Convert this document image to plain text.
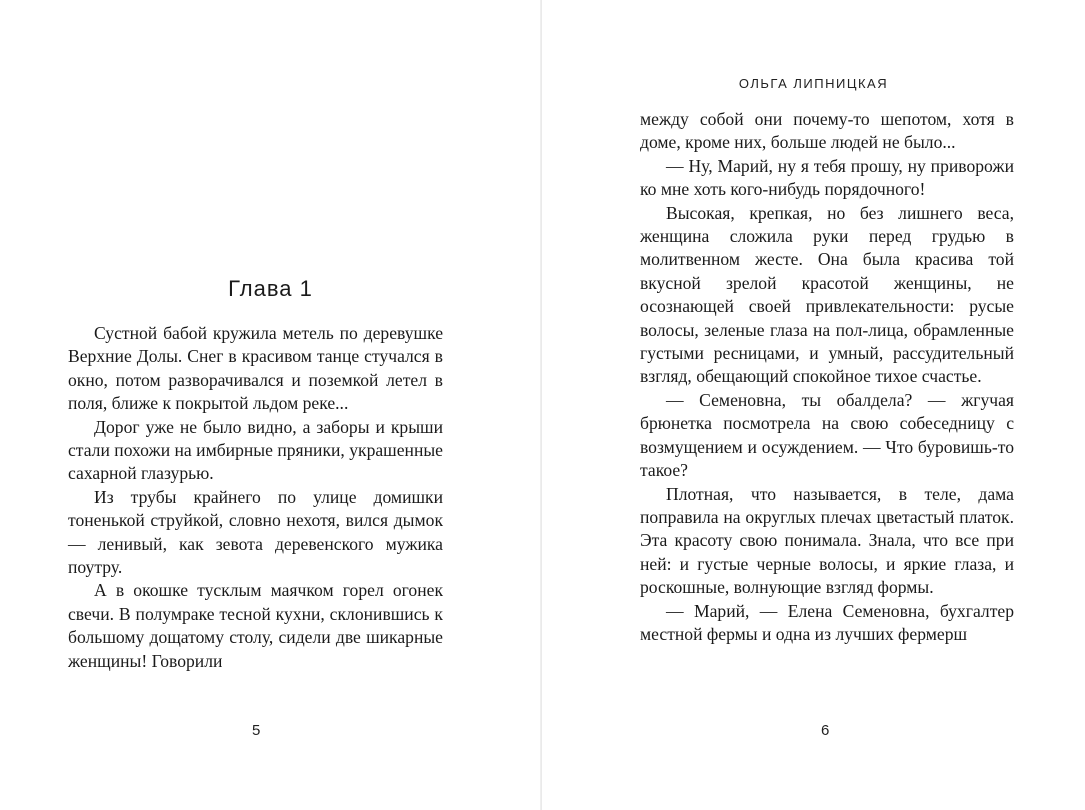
Глава 1

Сустной бабой кружила метель по деревушке Верхние Долы. Снег в красивом танце стучался в окно, потом разворачивался и поземкой летел в поля, ближе к покрытой льдом реке...

Дорог уже не было видно, а заборы и крыши стали похожи на имбирные пряники, украшенные сахарной глазурью.

Из трубы крайнего по улице домишки тоненькой струйкой, словно нехотя, вился дымок — ленивый, как зевота деревенского мужика поутру.

А в окошке тусклым маячком горел огонек свечи. В полумраке тесной кухни, склонившись к большому дощатому столу, сидели две шикарные женщины! Говорили

5
ОЛЬГА ЛИПНИЦКАЯ

между собой они почему-то шепотом, хотя в доме, кроме них, больше людей не было...

— Ну, Марий, ну я тебя прошу, ну приворожи ко мне хоть кого-нибудь порядочного!

Высокая, крепкая, но без лишнего веса, женщина сложила руки перед грудью в молитвенном жесте. Она была красива той вкусной зрелой красотой женщины, не осознающей своей привлекательности: русые волосы, зеленые глаза на пол-лица, обрамленные густыми ресницами, и умный, рассудительный взгляд, обещающий спокойное тихое счастье.

— Семеновна, ты обалдела? — жгучая брюнетка посмотрела на свою собеседницу с возмущением и осуждением. — Что буровишь-то такое?

Плотная, что называется, в теле, дама поправила на округлых плечах цветастый платок. Эта красоту свою понимала. Знала, что все при ней: и густые черные волосы, и яркие глаза, и роскошные, волнующие взгляд формы.

— Марий, — Елена Семеновна, бухгалтер местной фермы и одна из лучших фермерш

6
